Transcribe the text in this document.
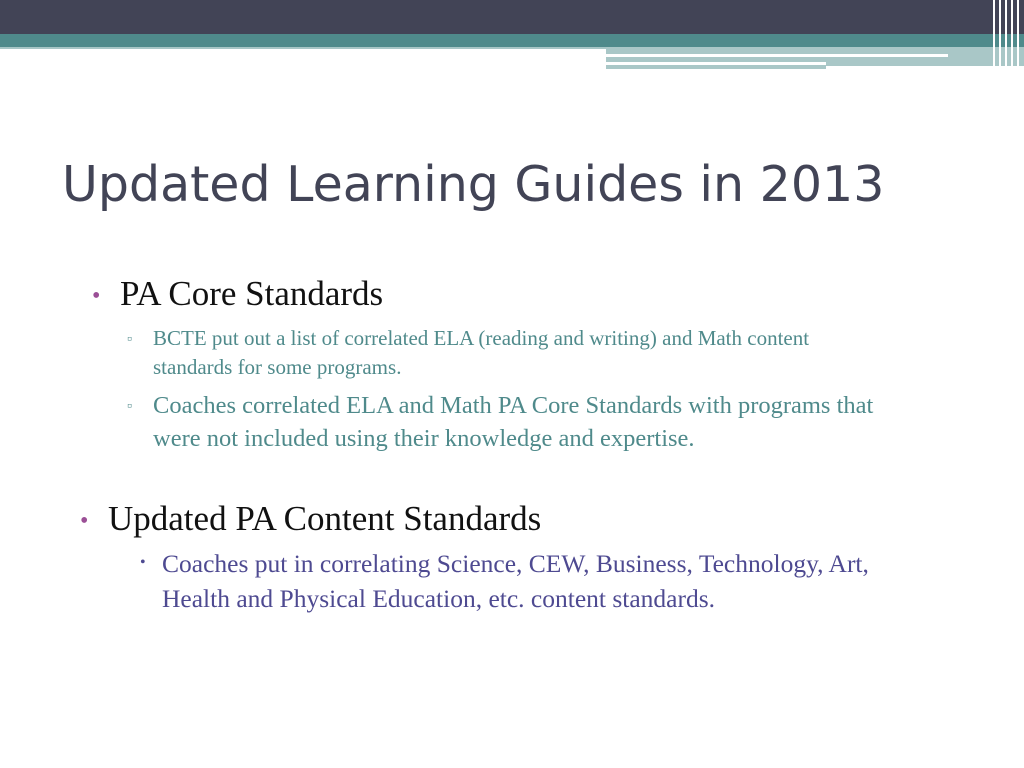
Updated Learning Guides in 2013
• PA Core Standards
▫ BCTE put out a list of correlated ELA (reading and writing) and Math content standards for some programs.
▫ Coaches correlated ELA and Math PA Core Standards with programs that were not included using their knowledge and expertise.
• Updated PA Content Standards
• Coaches put in correlating Science, CEW, Business, Technology, Art, Health and Physical Education, etc. content standards.
